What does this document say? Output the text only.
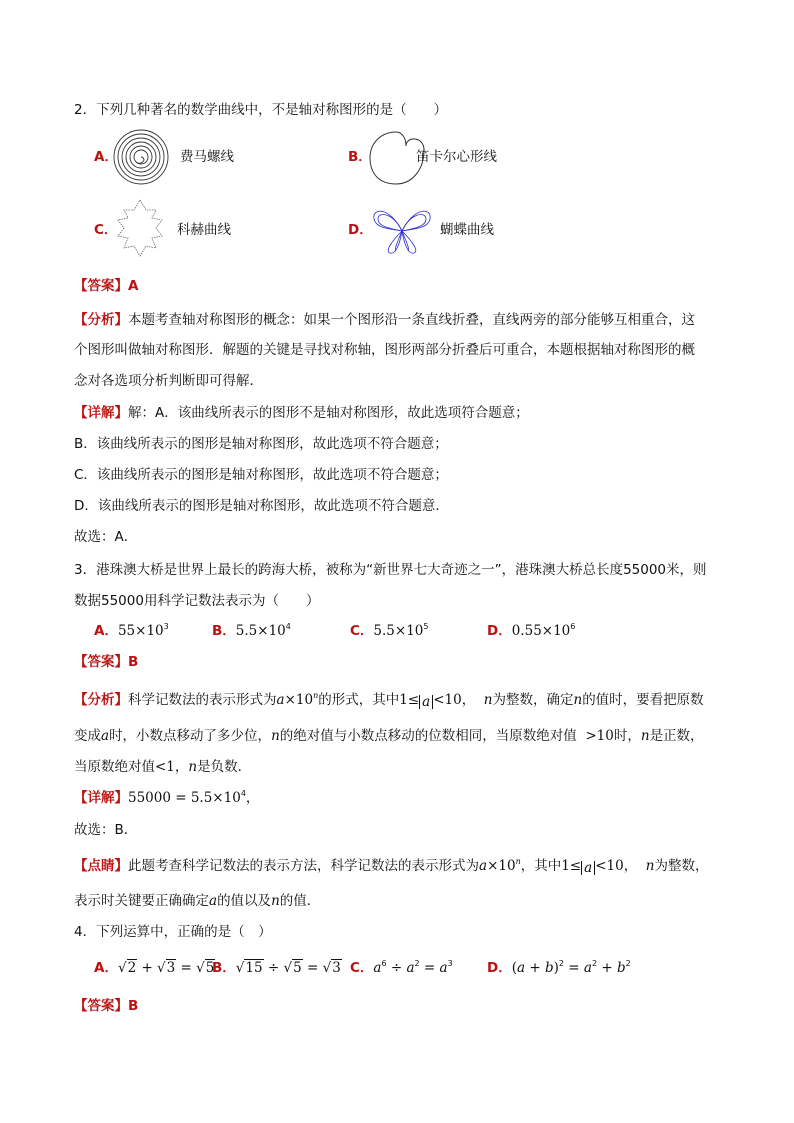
2．下列几种著名的数学曲线中，不是轴对称图形的是（　　）
A．	费马螺线	B．	笛卡尔心形线
C．	科赫曲线	D．	蝴蝶曲线
【答案】A
【分析】本题考查轴对称图形的概念：如果一个图形沿一条直线折叠，直线两旁的部分能够互相重合，这
个图形叫做轴对称图形．解题的关键是寻找对称轴，图形两部分折叠后可重合，本题根据轴对称图形的概
念对各选项分析判断即可得解．
【详解】解：A．该曲线所表示的图形不是轴对称图形，故此选项符合题意；
B．该曲线所表示的图形是轴对称图形，故此选项不符合题意；
C．该曲线所表示的图形是轴对称图形，故此选项不符合题意；
D．该曲线所表示的图形是轴对称图形，故此选项不符合题意．
故选：A．
3．港珠澳大桥是世界上最长的跨海大桥，被称为“新世界七大奇迹之一”，港珠澳大桥总长度55000米，则
数据55000用科学记数法表示为（　　）
A．$55\times 10^3$	B．$5.5\times 10^4$	C．$5.5\times 10^5$	D．$0.55\times 10^6$
【答案】B
【分析】科学记数法的表示形式为$a\times 10^n$的形式，其中1≤ a <10， n为整数，确定n的值时，要看把原数
变成a时，小数点移动了多少位，n的绝对值与小数点移动的位数相同，当原数绝对值 >10时，n是正数，
当原数绝对值<1，n是负数．
【详解】$55000 = 5.5\times 10^4$，
故选：B．
【点睛】此题考查科学记数法的表示方法，科学记数法的表示形式为$a\times 10^n$，其中1≤ a <10， n为整数，
表示时关键要正确确定a的值以及n的值．
4．下列运算中，正确的是（　）
A．√2 + √3 = √5
B．√15 ÷ √5 = √3 C．$a^6 \div a^2 = a^3$	D．$(a + b)^2 = a^2 + b^2$
【答案】B
